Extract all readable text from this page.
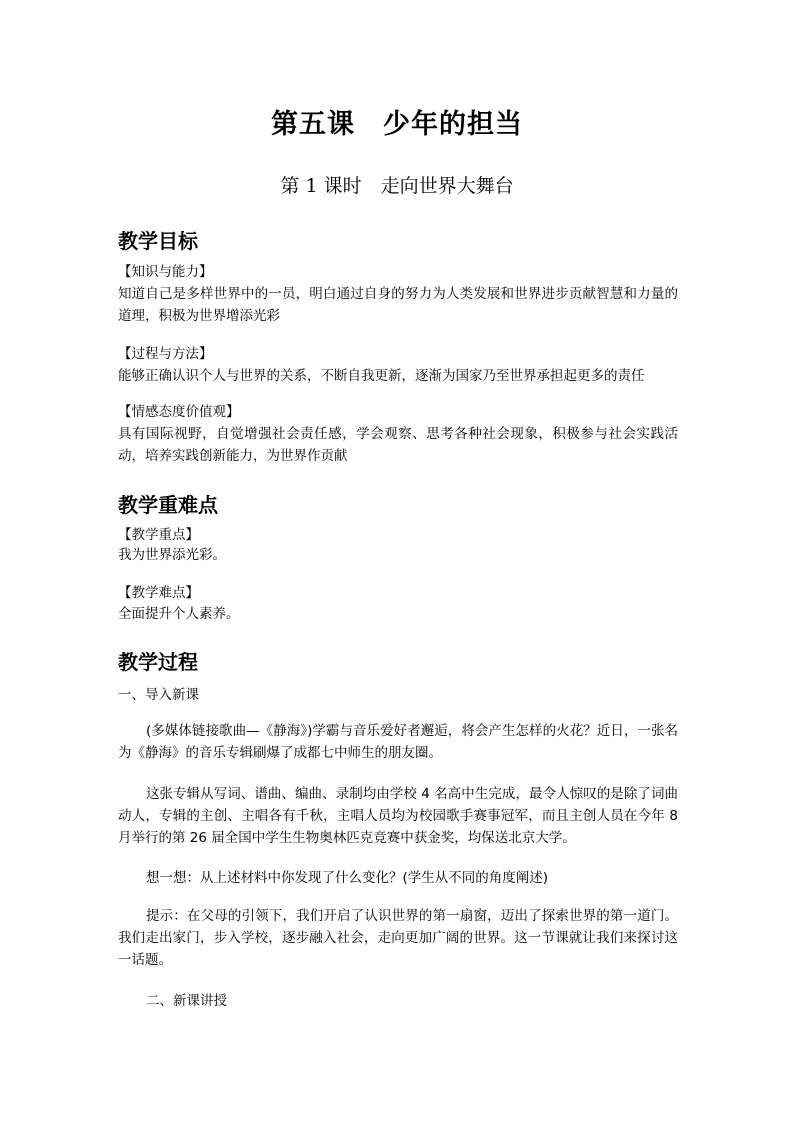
第五课　少年的担当
第 1 课时　走向世界大舞台
教学目标
【知识与能力】
知道自己是多样世界中的一员，明白通过自身的努力为人类发展和世界进步贡献智慧和力量的道理，积极为世界增添光彩
【过程与方法】
能够正确认识个人与世界的关系，不断自我更新，逐渐为国家乃至世界承担起更多的责任
【情感态度价值观】
具有国际视野，自觉增强社会责任感，学会观察、思考各种社会现象，积极参与社会实践活动，培养实践创新能力，为世界作贡献
教学重难点
【教学重点】
我为世界添光彩。
【教学难点】
全面提升个人素养。
教学过程
一、导入新课
(多媒体链接歌曲—《静海》)学霸与音乐爱好者邂逅，将会产生怎样的火花？近日，一张名为《静海》的音乐专辑刷爆了成都七中师生的朋友圈。
这张专辑从写词、谱曲、编曲、录制均由学校 4 名高中生完成，最令人惊叹的是除了词曲动人，专辑的主创、主唱各有千秋，主唱人员均为校园歌手赛事冠军，而且主创人员在今年 8 月举行的第 26 届全国中学生生物奥林匹克竞赛中获金奖，均保送北京大学。
想一想：从上述材料中你发现了什么变化？(学生从不同的角度阐述)
提示：在父母的引领下，我们开启了认识世界的第一扇窗，迈出了探索世界的第一道门。我们走出家门，步入学校，逐步融入社会，走向更加广阔的世界。这一节课就让我们来探讨这一话题。
二、新课讲授
